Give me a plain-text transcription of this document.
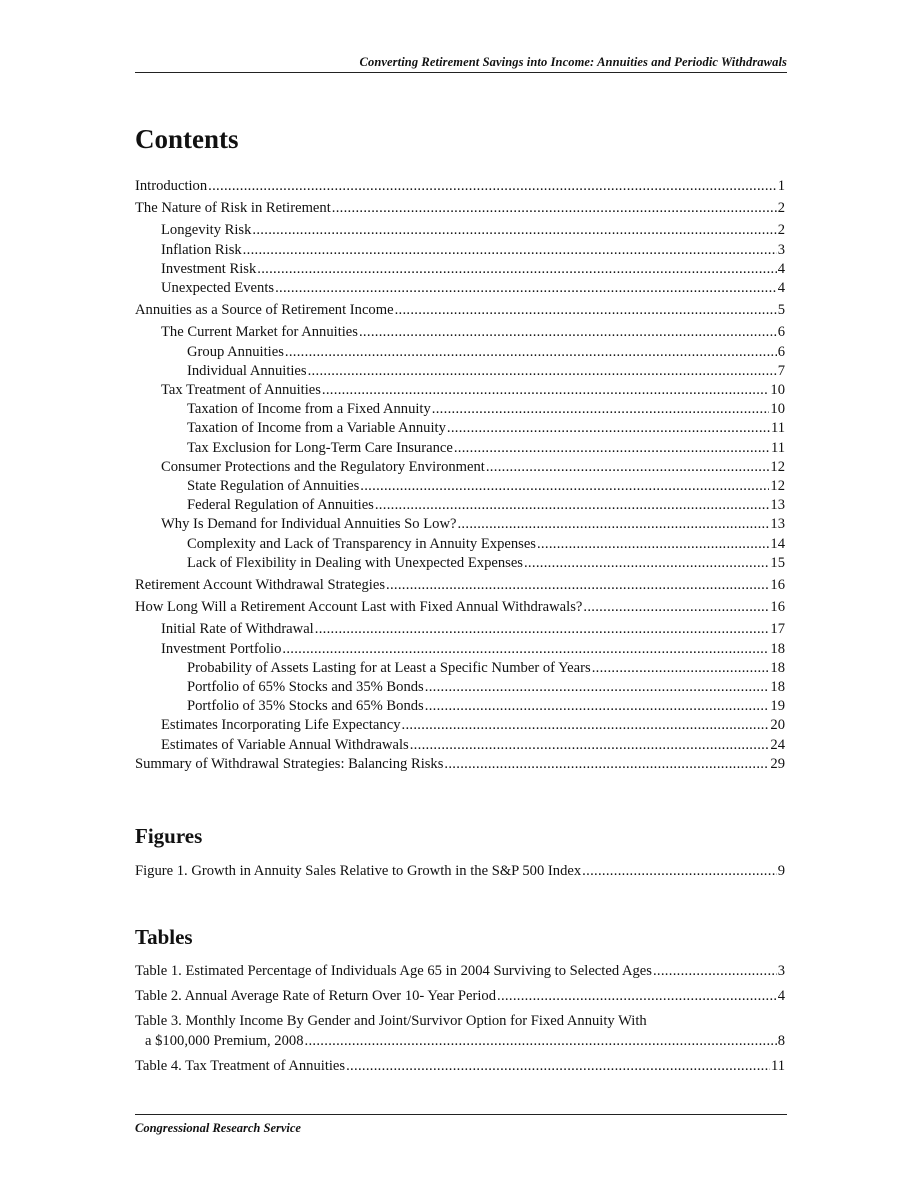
Converting Retirement Savings into Income: Annuities and Periodic Withdrawals
Contents
Introduction .....	1
The Nature of Risk in Retirement .....	2
Longevity Risk .....	2
Inflation Risk .....	3
Investment Risk .....	4
Unexpected Events .....	4
Annuities as a Source of Retirement Income .....	5
The Current Market for Annuities .....	6
Group Annuities .....	6
Individual Annuities .....	7
Tax Treatment of Annuities .....	10
Taxation of Income from a Fixed Annuity .....	10
Taxation of Income from a Variable Annuity .....	11
Tax Exclusion for Long-Term Care Insurance .....	11
Consumer Protections and the Regulatory Environment .....	12
State Regulation of Annuities .....	12
Federal Regulation of Annuities .....	13
Why Is Demand for Individual Annuities So Low? .....	13
Complexity and Lack of Transparency in Annuity Expenses .....	14
Lack of Flexibility in Dealing with Unexpected Expenses .....	15
Retirement Account Withdrawal Strategies .....	16
How Long Will a Retirement Account Last with Fixed Annual Withdrawals? .....	16
Initial Rate of Withdrawal .....	17
Investment Portfolio .....	18
Probability of Assets Lasting for at Least a Specific Number of Years .....	18
Portfolio of 65% Stocks and 35% Bonds .....	18
Portfolio of 35% Stocks and 65% Bonds .....	19
Estimates Incorporating Life Expectancy .....	20
Estimates of Variable Annual Withdrawals .....	24
Summary of Withdrawal Strategies: Balancing Risks .....	29
Figures
Figure 1. Growth in Annuity Sales Relative to Growth in the S&P 500 Index .....	9
Tables
Table 1. Estimated Percentage of Individuals Age 65 in 2004 Surviving to Selected Ages .....	3
Table 2. Annual Average Rate of Return Over 10- Year Period .....	4
Table 3. Monthly Income By Gender and Joint/Survivor Option for Fixed Annuity With
a $100,000 Premium, 2008 .....	8
Table 4. Tax Treatment of Annuities .....	11
Congressional Research Service
